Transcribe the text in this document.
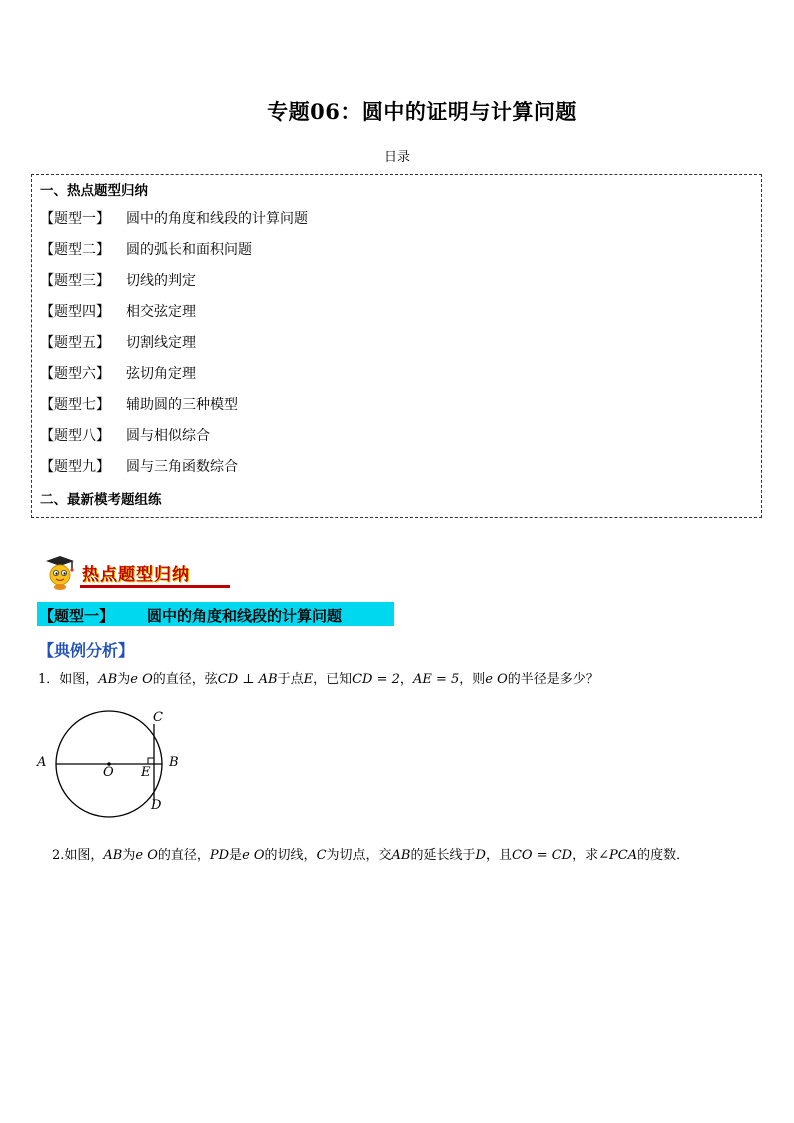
专题06：圆中的证明与计算问题
日录
一、热点题型归纳
【题型一】 圆中的角度和线段的计算问题
【题型二】 圆的弧长和面积问题
【题型三】 切线的判定
【题型四】 相交弦定理
【题型五】 切割线定理
【题型六】 弦切角定理
【题型七】 辅助圆的三种模型
【题型八】 圆与相似综合
【题型九】 圆与三角函数综合
二、最新模考题组练
热点题型归纳
【题型一】 圆中的角度和线段的计算问题
【典例分析】
1．如图，AB为e O的直径，弦CD ⊥ AB于点E，已知CD = 2，AE = 5，则e O的半径是多少？
A
O E
B
C
D
2.如图，AB为e O的直径，PD是e O的切线，C为切点，交AB的延长线于D，且CO = CD，求∠PCA的度数．
